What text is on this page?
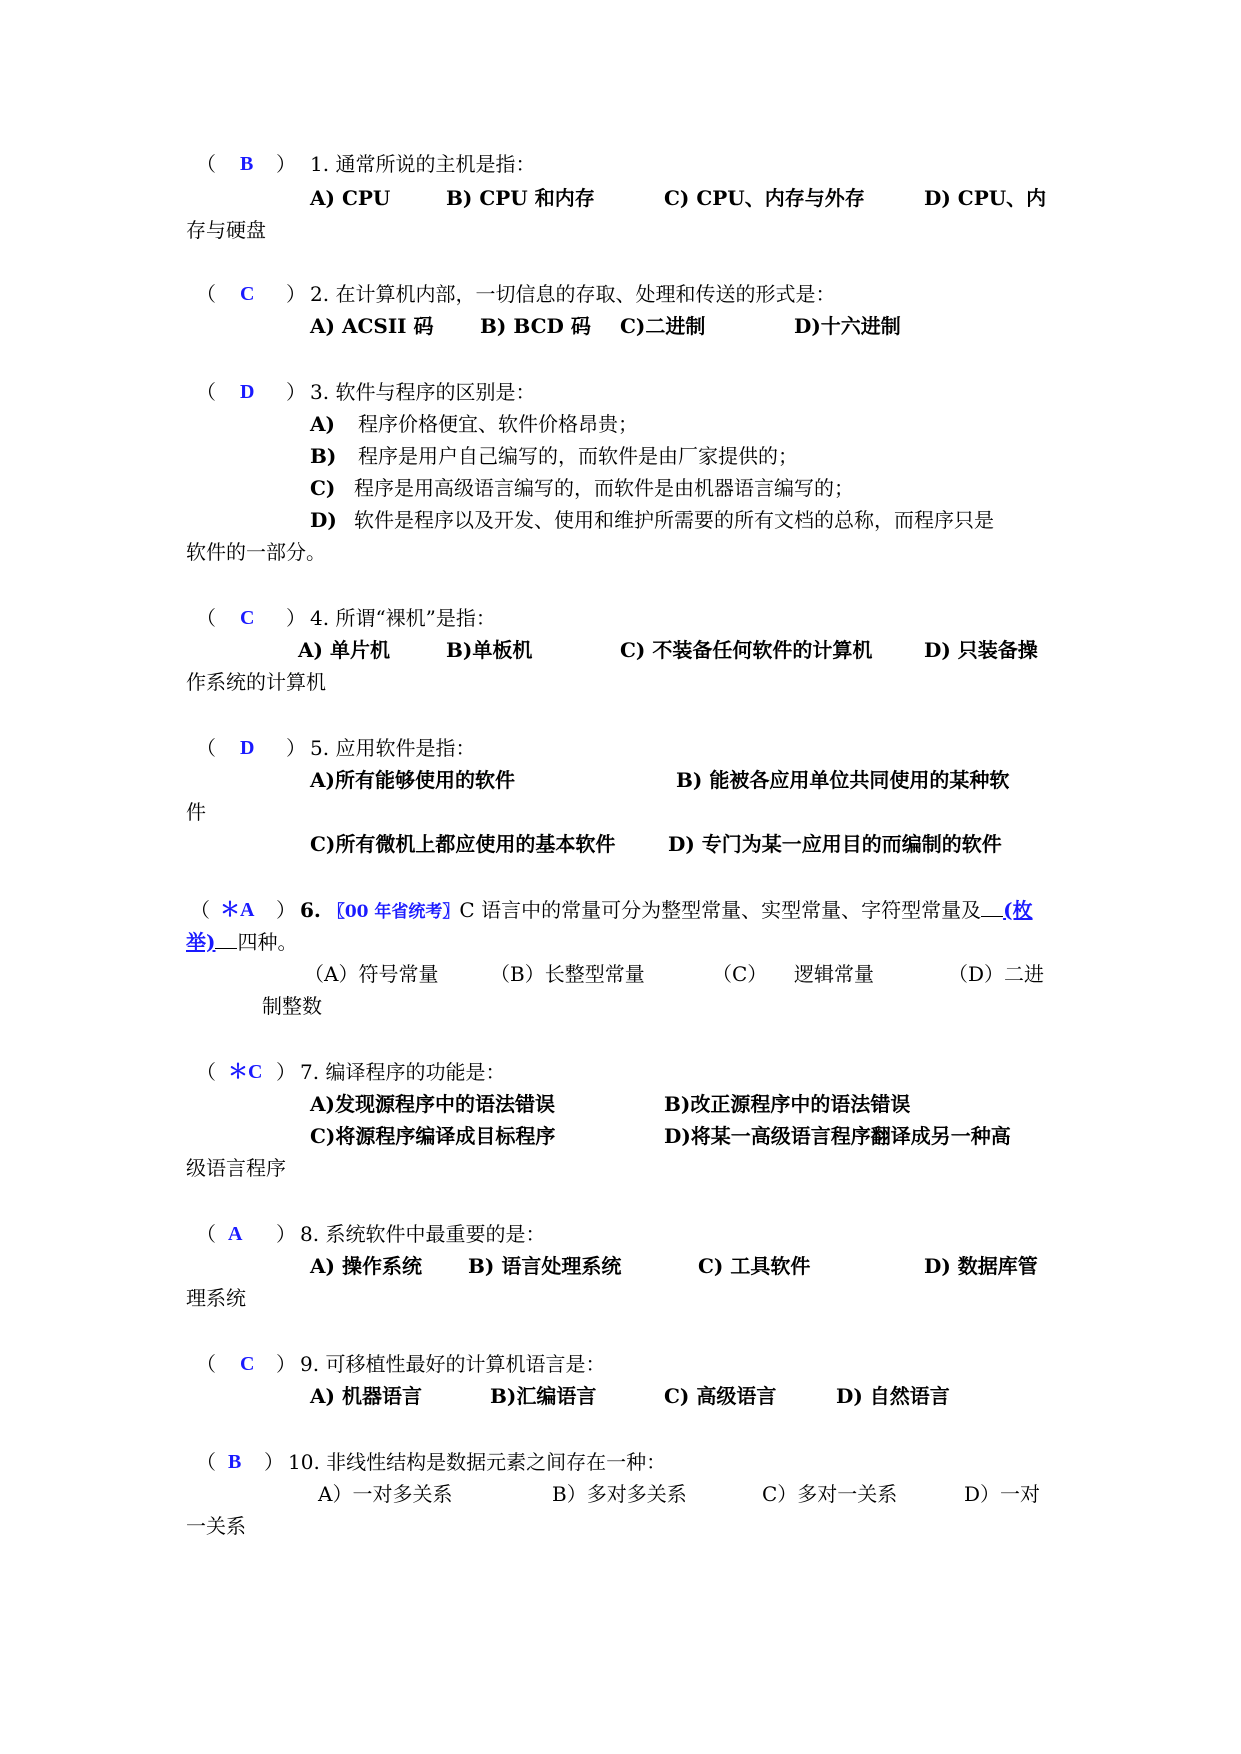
（ B ） 1. 通常所说的主机是指：
A) CPU	B) CPU 和内存	C) CPU、内存与外存	D) CPU、内
存与硬盘
（ C ） 2. 在计算机内部，一切信息的存取、处理和传送的形式是：
A) ACSII 码 B) BCD 码 C)二进制	D)十六进制
（ D ） 3. 软件与程序的区别是：
A) 程序价格便宜、软件价格昂贵；
B) 程序是用户自己编写的，而软件是由厂家提供的；
C) 程序是用高级语言编写的，而软件是由机器语言编写的；
D) 软件是程序以及开发、使用和维护所需要的所有文档的总称，而程序只是
软件的一部分。
（ C ） 4. 所谓“裸机”是指：
A) 单片机	B)单板机	C) 不装备任何软件的计算机	D) 只装备操
作系统的计算机
（ D ） 5. 应用软件是指：
A)所有能够使用的软件	B) 能被各应用单位共同使用的某种软
件
C)所有微机上都应使用的基本软件	D) 专门为某一应用目的而编制的软件
（ ＊A ） 6. 〖00 年省统考〗C 语言中的常量可分为整型常量、实型常量、字符型常量及 (枚
举) 四种。
（A）符号常量	（B）长整型常量	（C） 逻辑常量	（D）二进
制整数
（ ＊C ） 7. 编译程序的功能是：
A)发现源程序中的语法错误	B)改正源程序中的语法错误
C)将源程序编译成目标程序	D)将某一高级语言程序翻译成另一种高
级语言程序
（ A ） 8. 系统软件中最重要的是：
A) 操作系统 B) 语言处理系统	C) 工具软件	D) 数据库管
理系统
（ C ） 9. 可移植性最好的计算机语言是：
A) 机器语言	B)汇编语言	C) 高级语言	D) 自然语言
（ B ） 10. 非线性结构是数据元素之间存在一种：
A）一对多关系	B）多对多关系	C）多对一关系	D）一对
一关系
